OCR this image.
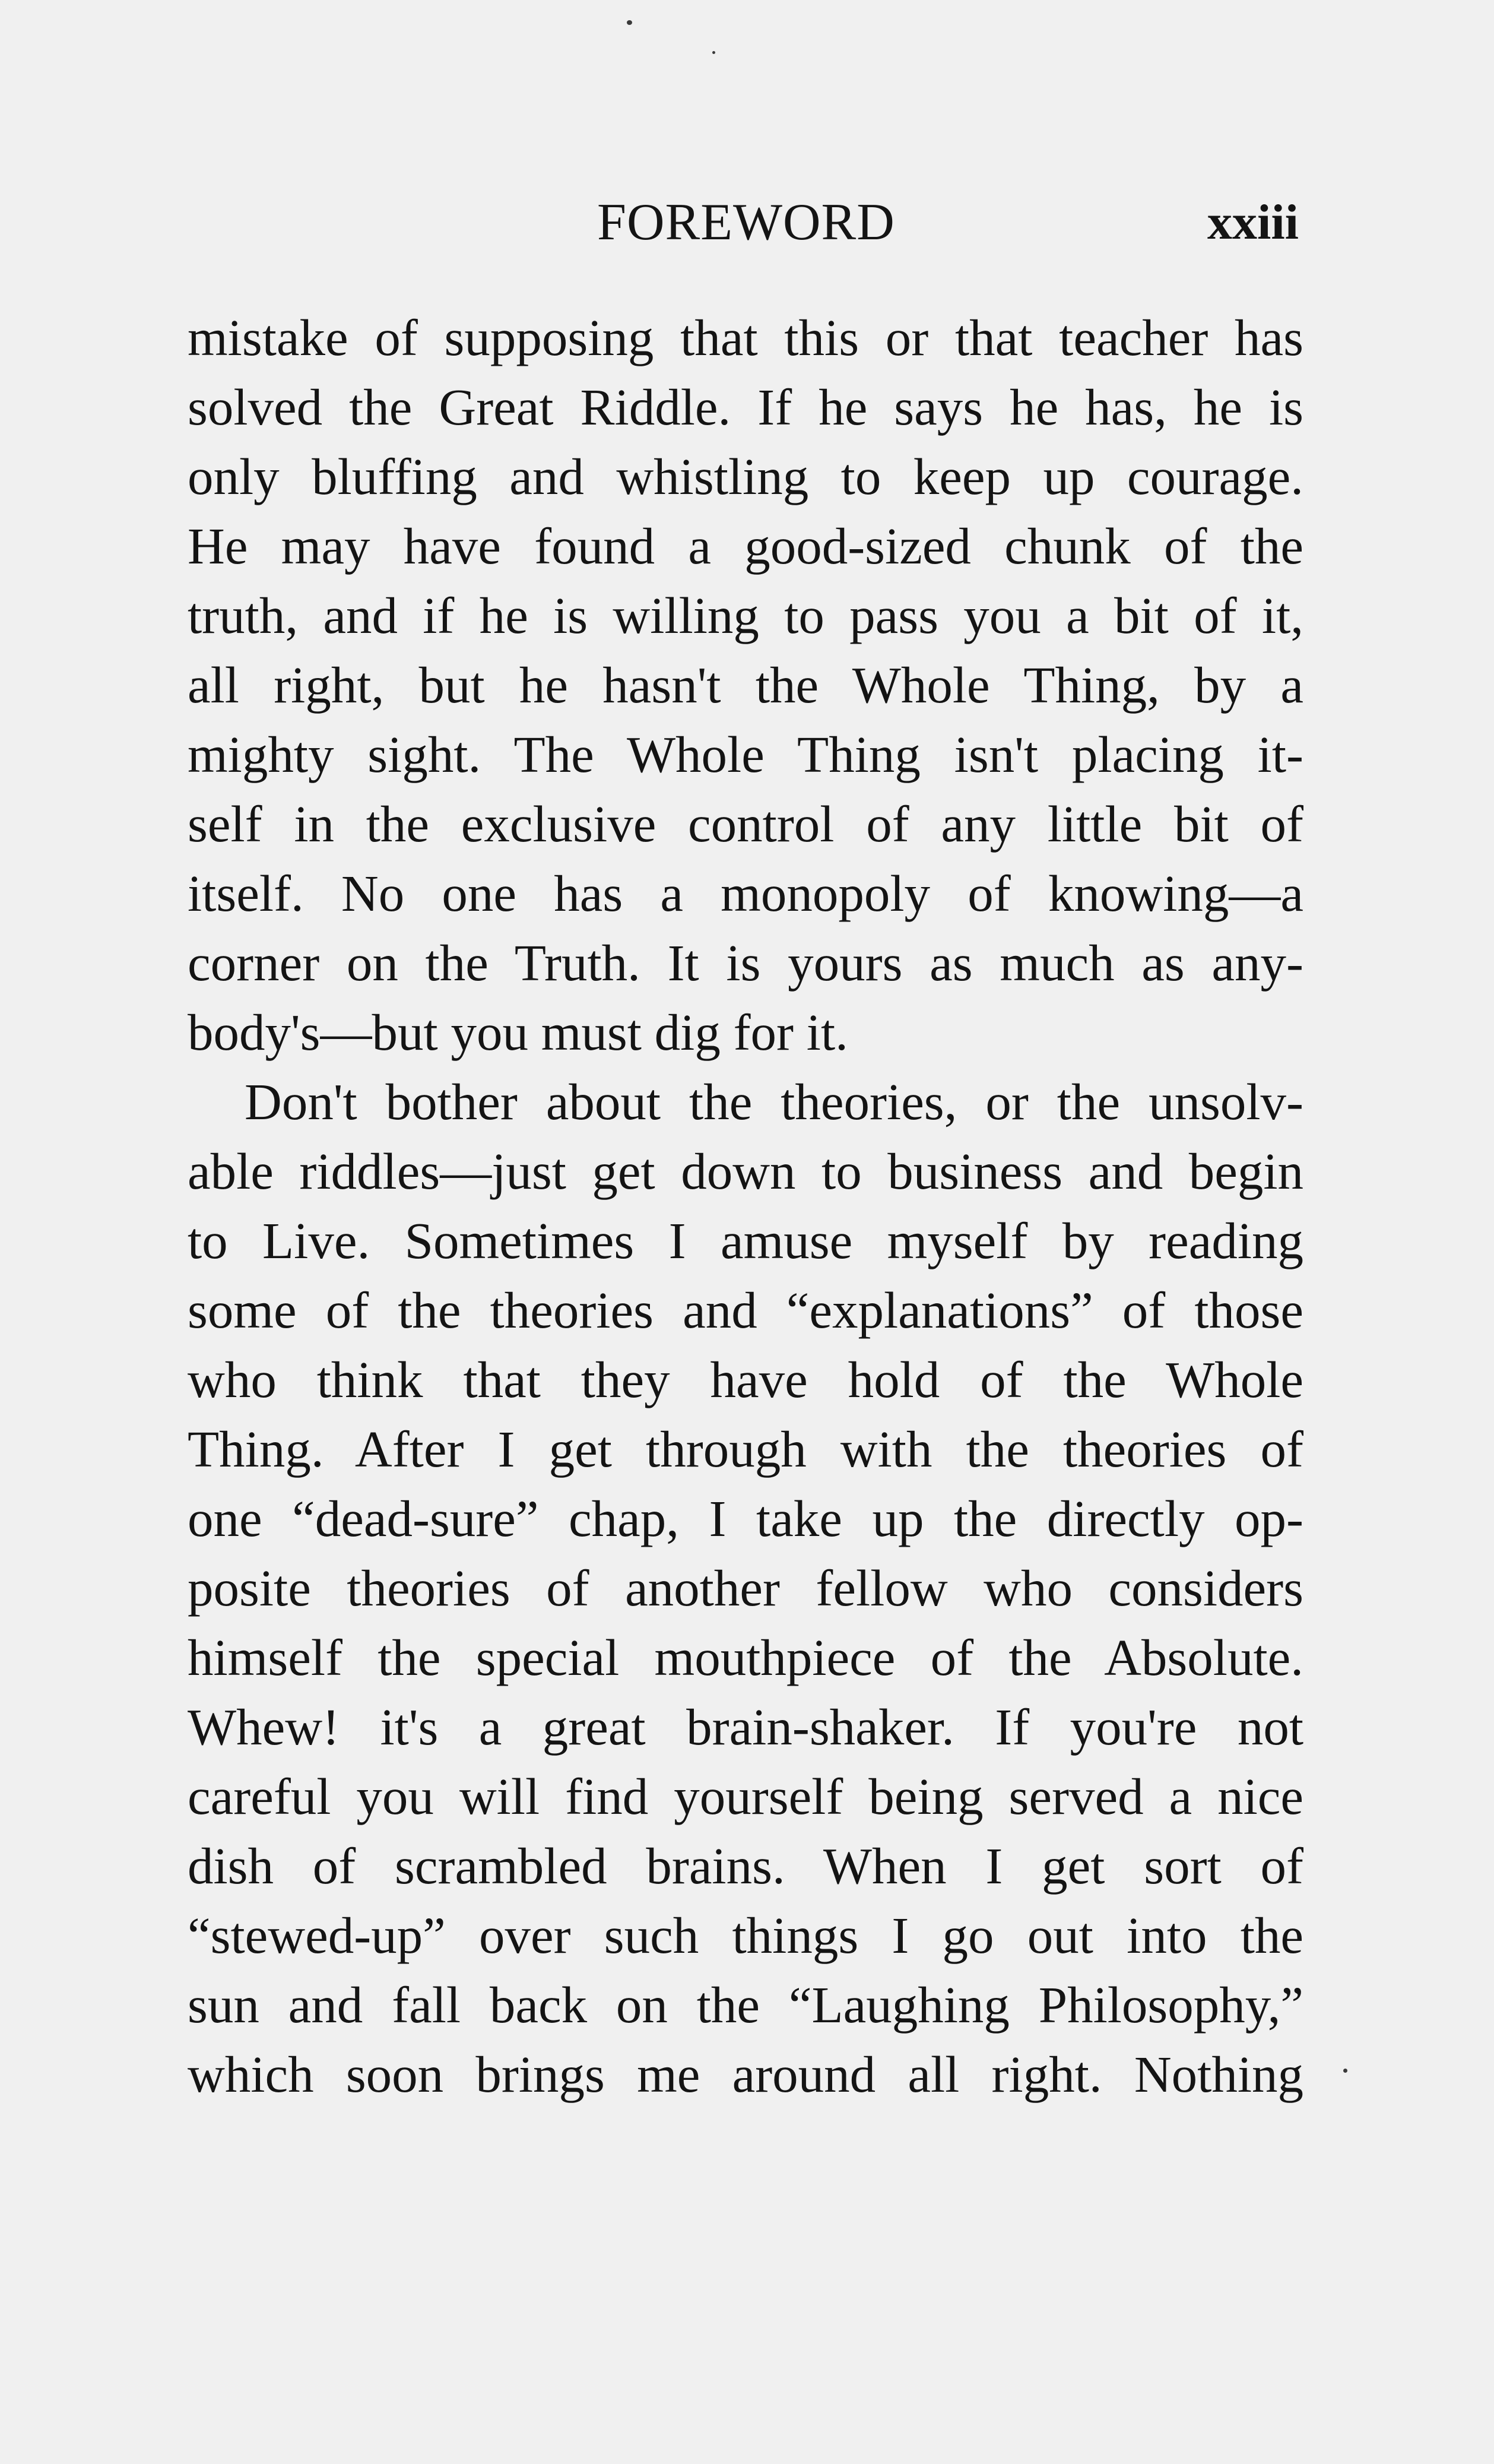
FOREWORD	xxiii
mistake of supposing that this or that teacher has
solved the Great Riddle. If he says he has, he is
only bluffing and whistling to keep up courage.
He may have found a good-sized chunk of the
truth, and if he is willing to pass you a bit of it,
all right, but he hasn't the Whole Thing, by a
mighty sight. The Whole Thing isn't placing it-
self in the exclusive control of any little bit of
itself. No one has a monopoly of knowing—a
corner on the Truth. It is yours as much as any-
body's—but you must dig for it.
Don't bother about the theories, or the unsolv-
able riddles—just get down to business and begin
to Live. Sometimes I amuse myself by reading
some of the theories and “explanations” of those
who think that they have hold of the Whole
Thing. After I get through with the theories of
one “dead-sure” chap, I take up the directly op-
posite theories of another fellow who considers
himself the special mouthpiece of the Absolute.
Whew! it's a great brain-shaker. If you're not
careful you will find yourself being served a nice
dish of scrambled brains. When I get sort of
“stewed-up” over such things I go out into the
sun and fall back on the “Laughing Philosophy,”
which soon brings me around all right. Nothing
